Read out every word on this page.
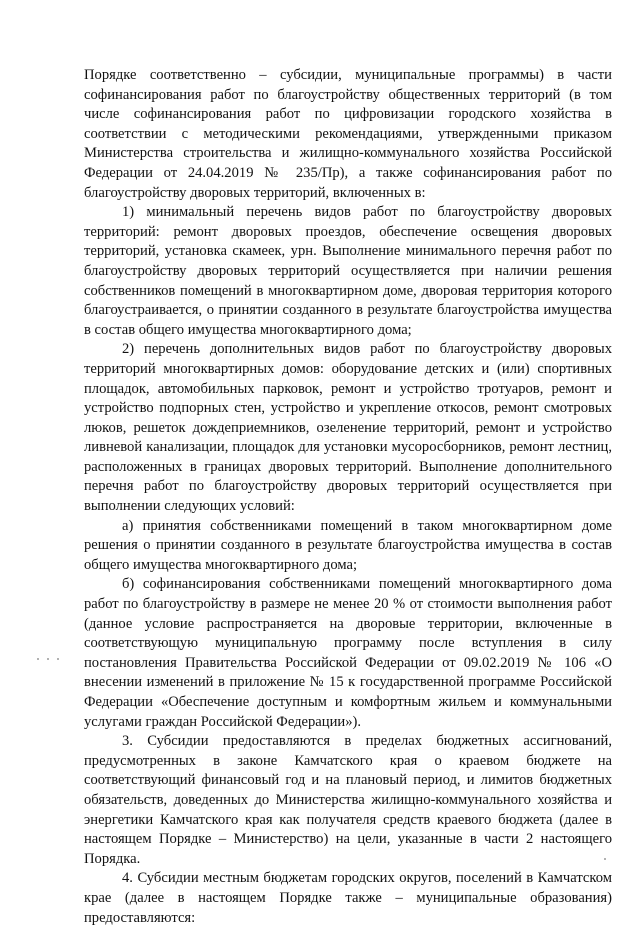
Порядке соответственно – субсидии, муниципальные программы) в части софинансирования работ по благоустройству общественных территорий (в том числе софинансирования работ по цифровизации городского хозяйства в соответствии с методическими рекомендациями, утвержденными приказом Министерства строительства и жилищно-коммунального хозяйства Российской Федерации от 24.04.2019 № 235/Пр), а также софинансирования работ по благоустройству дворовых территорий, включенных в:

1) минимальный перечень видов работ по благоустройству дворовых территорий: ремонт дворовых проездов, обеспечение освещения дворовых территорий, установка скамеек, урн. Выполнение минимального перечня работ по благоустройству дворовых территорий осуществляется при наличии решения собственников помещений в многоквартирном доме, дворовая территория которого благоустраивается, о принятии созданного в результате благоустройства имущества в состав общего имущества многоквартирного дома;

2) перечень дополнительных видов работ по благоустройству дворовых территорий многоквартирных домов: оборудование детских и (или) спортивных площадок, автомобильных парковок, ремонт и устройство тротуаров, ремонт и устройство подпорных стен, устройство и укрепление откосов, ремонт смотровых люков, решеток дождеприемников, озеленение территорий, ремонт и устройство ливневой канализации, площадок для установки мусоросборников, ремонт лестниц, расположенных в границах дворовых территорий. Выполнение дополнительного перечня работ по благоустройству дворовых территорий осуществляется при выполнении следующих условий:

а) принятия собственниками помещений в таком многоквартирном доме решения о принятии созданного в результате благоустройства имущества в состав общего имущества многоквартирного дома;

б) софинансирования собственниками помещений многоквартирного дома работ по благоустройству в размере не менее 20 % от стоимости выполнения работ (данное условие распространяется на дворовые территории, включенные в соответствующую муниципальную программу после вступления в силу постановления Правительства Российской Федерации от 09.02.2019 № 106 «О внесении изменений в приложение № 15 к государственной программе Российской Федерации «Обеспечение доступным и комфортным жильем и коммунальными услугами граждан Российской Федерации»).

3. Субсидии предоставляются в пределах бюджетных ассигнований, предусмотренных в законе Камчатского края о краевом бюджете на соответствующий финансовый год и на плановый период, и лимитов бюджетных обязательств, доведенных до Министерства жилищно-коммунального хозяйства и энергетики Камчатского края как получателя средств краевого бюджета (далее в настоящем Порядке – Министерство) на цели, указанные в части 2 настоящего Порядка.

4. Субсидии местным бюджетам городских округов, поселений в Камчатском крае (далее в настоящем Порядке также – муниципальные образования) предоставляются:
